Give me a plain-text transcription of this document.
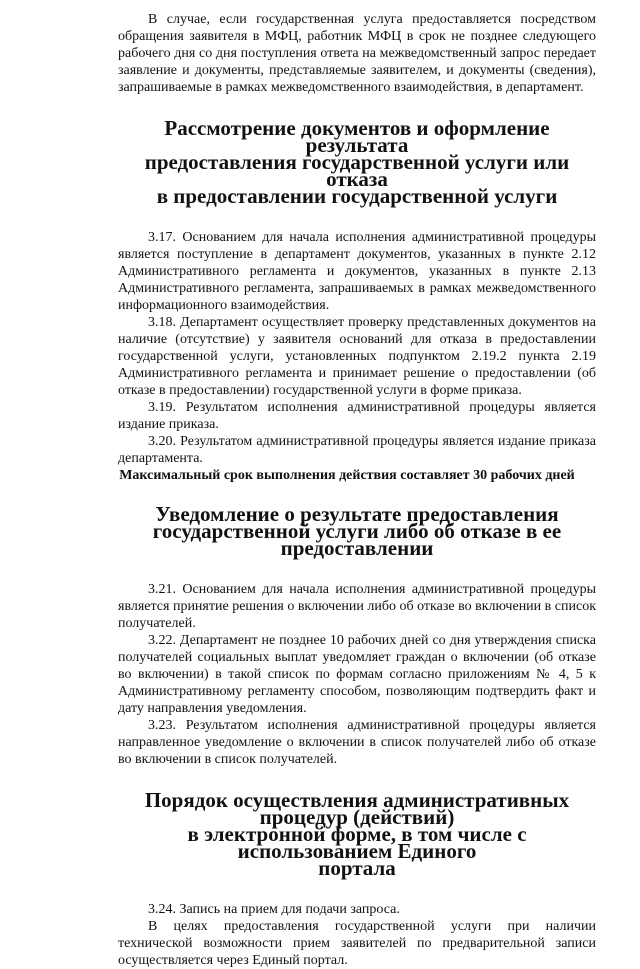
В случае, если государственная услуга предоставляется посредством обращения заявителя в МФЦ, работник МФЦ в срок не позднее следующего рабочего дня со дня поступления ответа на межведомственный запрос передает заявление и документы, представляемые заявителем, и документы (сведения), запрашиваемые в рамках межведомственного взаимодействия, в департамент.

Рассмотрение документов и оформление результата
предоставления государственной услуги или отказа
в предоставлении государственной услуги

3.17. Основанием для начала исполнения административной процедуры является поступление в департамент документов, указанных в пункте 2.12 Административного регламента и документов, указанных в пункте 2.13 Административного регламента, запрашиваемых в рамках межведомственного информационного взаимодействия.

3.18. Департамент осуществляет проверку представленных документов на наличие (отсутствие) у заявителя оснований для отказа в предоставлении государственной услуги, установленных подпунктом 2.19.2 пункта 2.19 Административного регламента и принимает решение о предоставлении (об отказе в предоставлении) государственной услуги в форме приказа.

3.19. Результатом исполнения административной процедуры является издание приказа.

3.20. Результатом административной процедуры является издание приказа департамента.

Максимальный срок выполнения действия составляет 30 рабочих дней

Уведомление о результате предоставления
государственной услуги либо об отказе в ее предоставлении

3.21. Основанием для начала исполнения административной процедуры является принятие решения о включении либо об отказе во включении в список получателей.

3.22. Департамент не позднее 10 рабочих дней со дня утверждения списка получателей социальных выплат уведомляет граждан о включении (об отказе во включении) в такой список по формам согласно приложениям № 4, 5 к Административному регламенту способом, позволяющим подтвердить факт и дату направления уведомления.

3.23. Результатом исполнения административной процедуры является направленное уведомление о включении в список получателей либо об отказе во включении в список получателей.

Порядок осуществления административных процедур (действий)
в электронной форме, в том числе с использованием Единого
портала

3.24. Запись на прием для подачи запроса.

В целях предоставления государственной услуги при наличии технической возможности прием заявителей по предварительной записи осуществляется через Единый портал.
